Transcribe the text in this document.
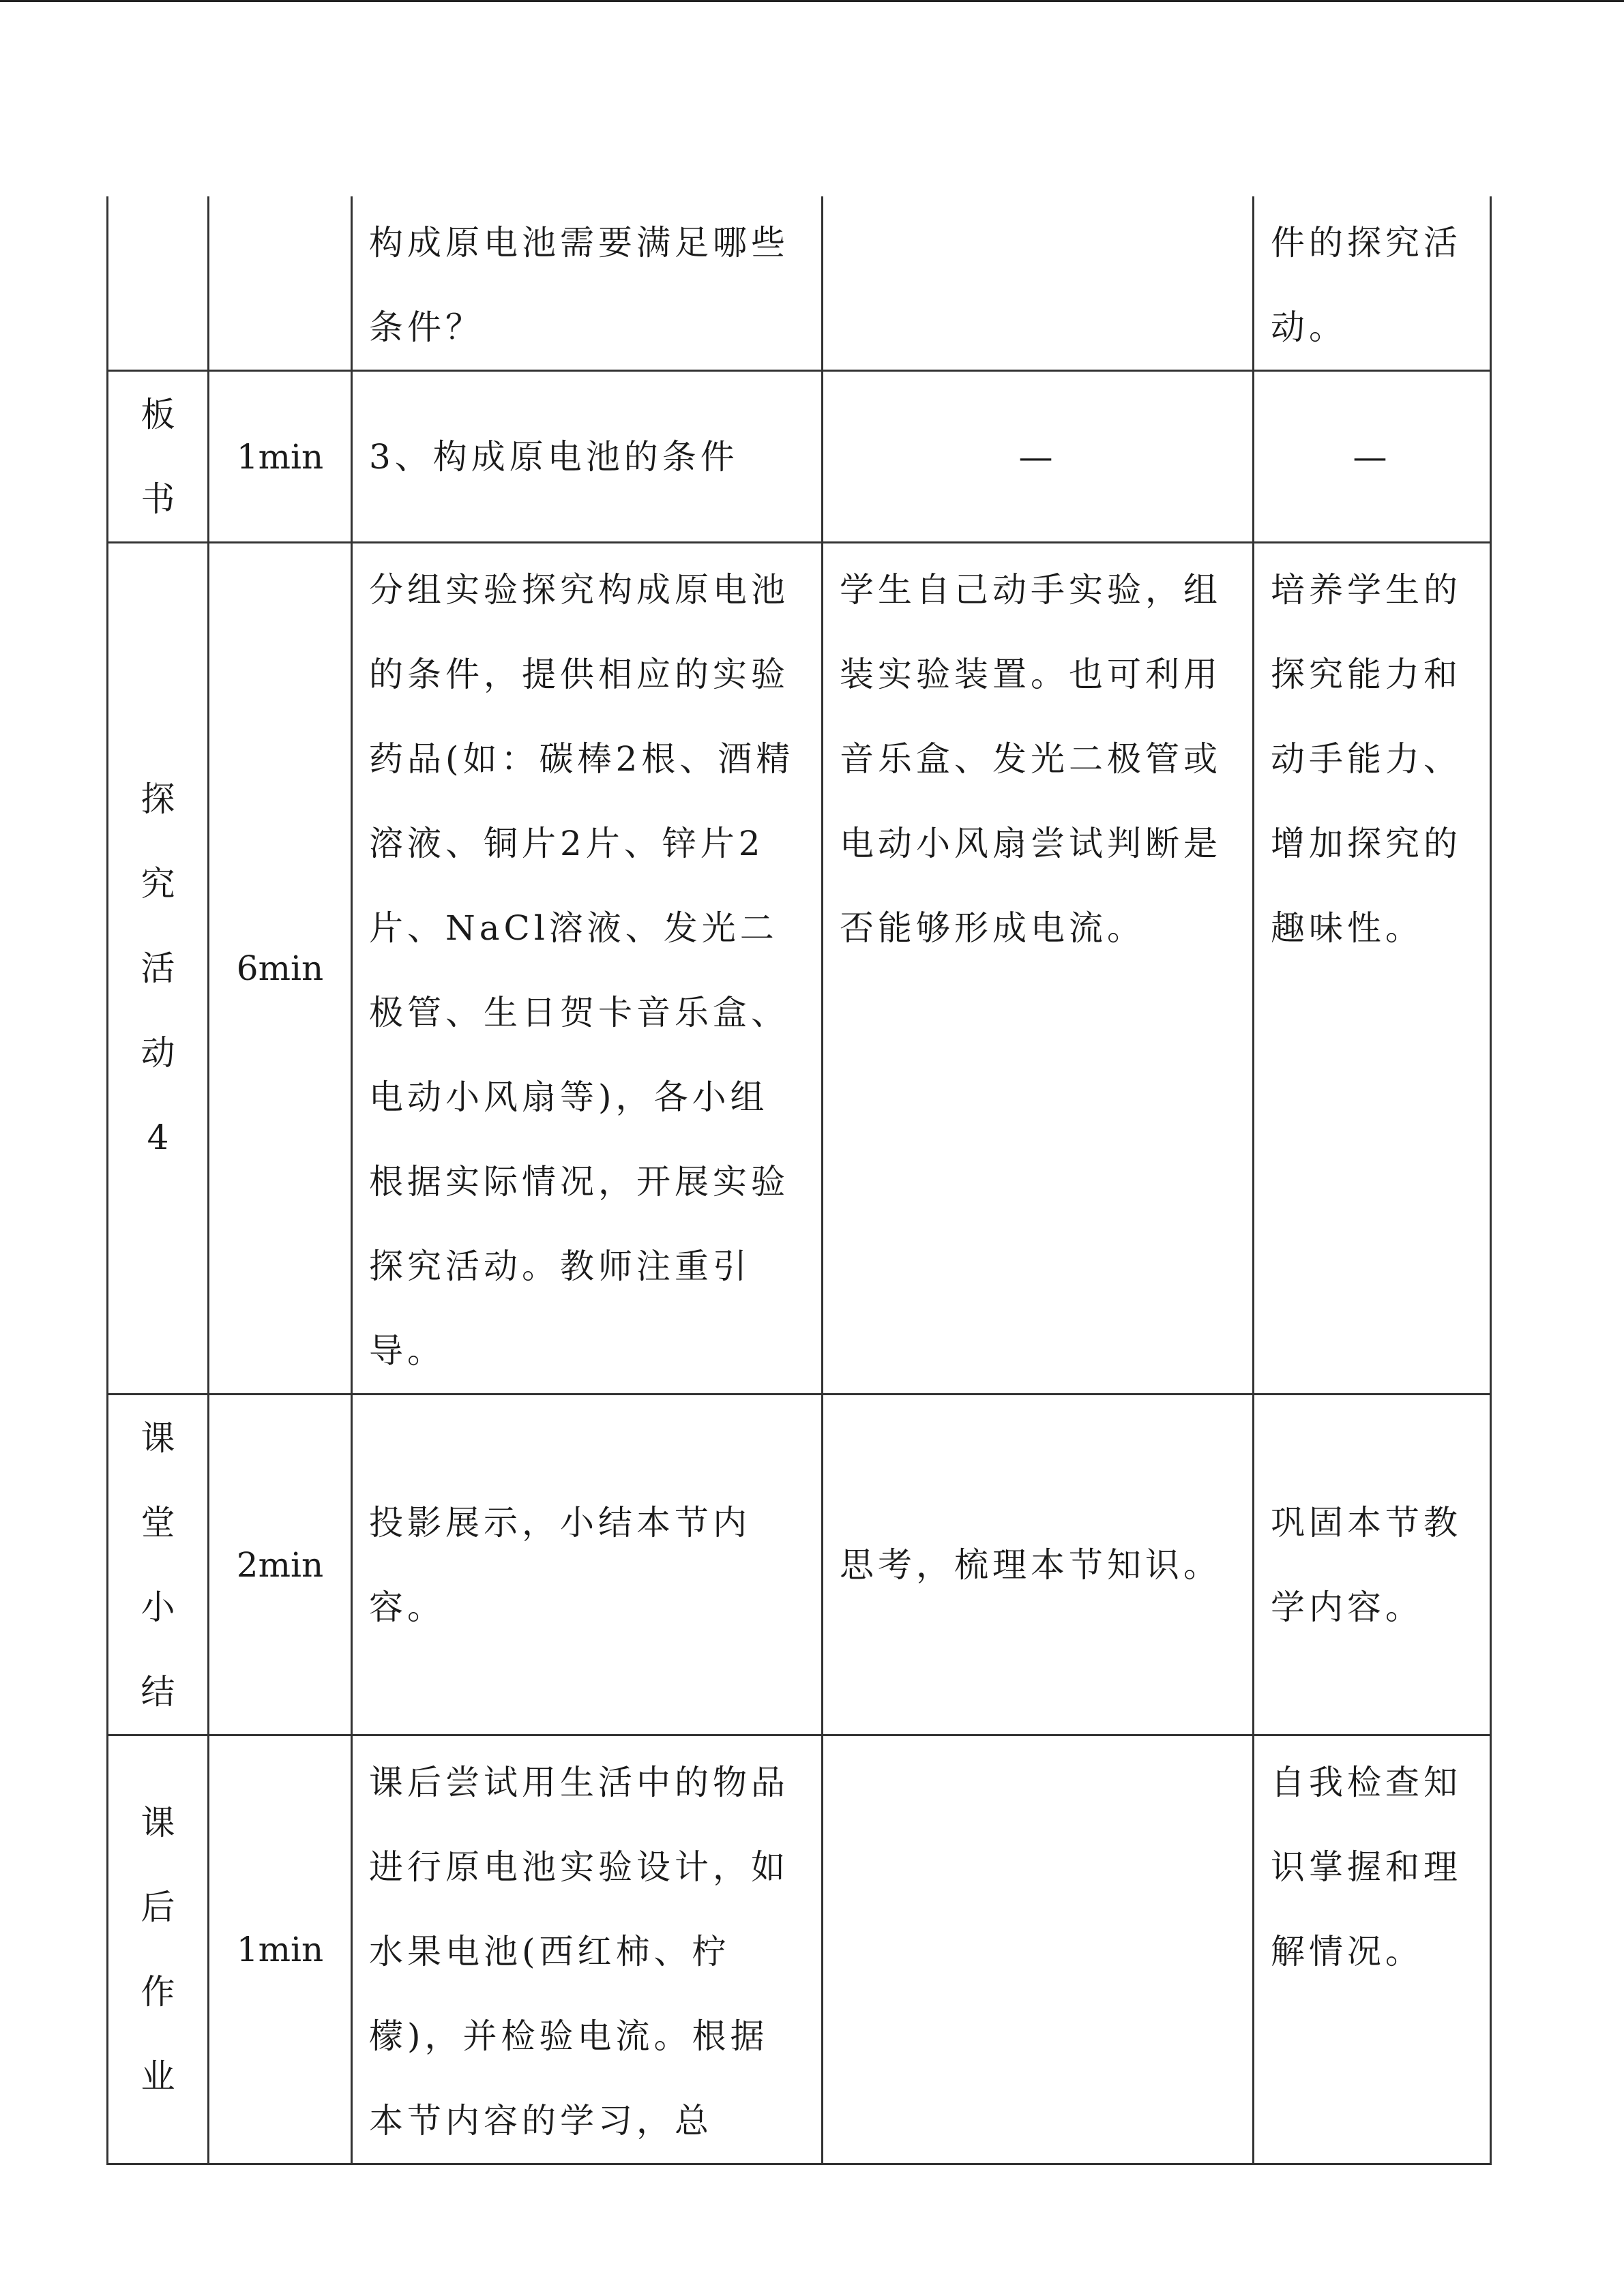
		构成原电池需要满足哪些条件？		件的探究活动。

板书	1min	3、构成原电池的条件	—	—

探究活动4	6min	分组实验探究构成原电池的条件，提供相应的实验药品(如：碳棒2根、酒精溶液、铜片2片、锌片2片、NaCl溶液、发光二极管、生日贺卡音乐盒、电动小风扇等)，各小组根据实际情况，开展实验探究活动。教师注重引导。	学生自己动手实验，组装实验装置。也可利用音乐盒、发光二极管或电动小风扇尝试判断是否能够形成电流。	培养学生的探究能力和动手能力、增加探究的趣味性。

课堂小结	2min	投影展示，小结本节内容。	思考，梳理本节知识。	巩固本节教学内容。

课后作业	1min	课后尝试用生活中的物品进行原电池实验设计，如水果电池(西红柿、柠檬)，并检验电流。根据本节内容的学习，总		自我检查知识掌握和理解情况。
